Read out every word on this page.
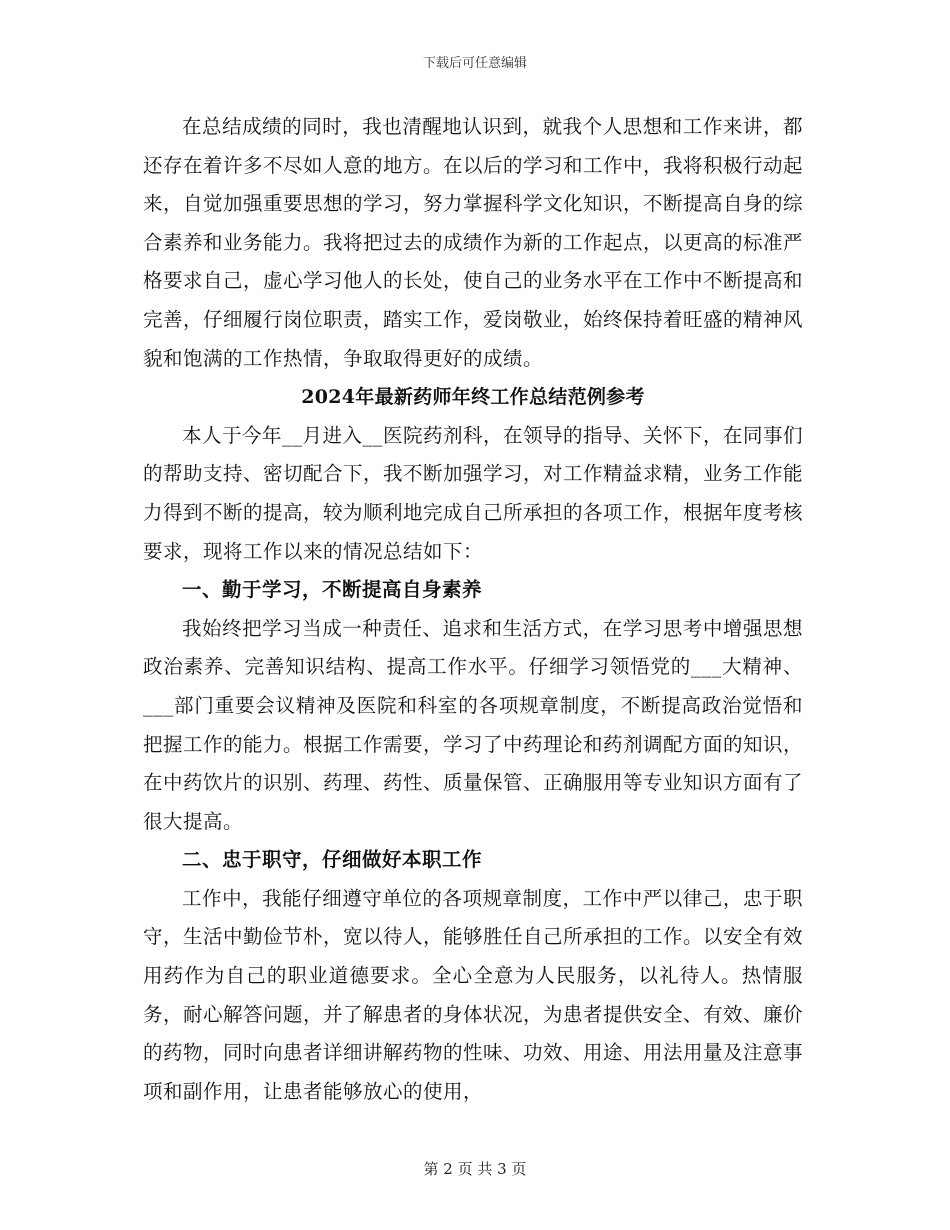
下载后可任意编辑

在总结成绩的同时，我也清醒地认识到，就我个人思想和工作来讲，都还存在着许多不尽如人意的地方。在以后的学习和工作中，我将积极行动起来，自觉加强重要思想的学习，努力掌握科学文化知识，不断提高自身的综合素养和业务能力。我将把过去的成绩作为新的工作起点，以更高的标准严格要求自己，虚心学习他人的长处，使自己的业务水平在工作中不断提高和完善，仔细履行岗位职责，踏实工作，爱岗敬业，始终保持着旺盛的精神风貌和饱满的工作热情，争取取得更好的成绩。

2024年最新药师年终工作总结范例参考

本人于今年__月进入__医院药剂科，在领导的指导、关怀下，在同事们的帮助支持、密切配合下，我不断加强学习，对工作精益求精，业务工作能力得到不断的提高，较为顺利地完成自己所承担的各项工作，根据年度考核要求，现将工作以来的情况总结如下：

一、勤于学习，不断提高自身素养

我始终把学习当成一种责任、追求和生活方式，在学习思考中增强思想政治素养、完善知识结构、提高工作水平。仔细学习领悟党的___大精神、___部门重要会议精神及医院和科室的各项规章制度，不断提高政治觉悟和把握工作的能力。根据工作需要，学习了中药理论和药剂调配方面的知识，在中药饮片的识别、药理、药性、质量保管、正确服用等专业知识方面有了很大提高。

二、忠于职守，仔细做好本职工作

工作中，我能仔细遵守单位的各项规章制度，工作中严以律己，忠于职守，生活中勤俭节朴，宽以待人，能够胜任自己所承担的工作。以安全有效用药作为自己的职业道德要求。全心全意为人民服务，以礼待人。热情服务，耐心解答问题，并了解患者的身体状况，为患者提供安全、有效、廉价的药物，同时向患者详细讲解药物的性味、功效、用途、用法用量及注意事项和副作用，让患者能够放心的使用，

第 2 页 共 3 页
